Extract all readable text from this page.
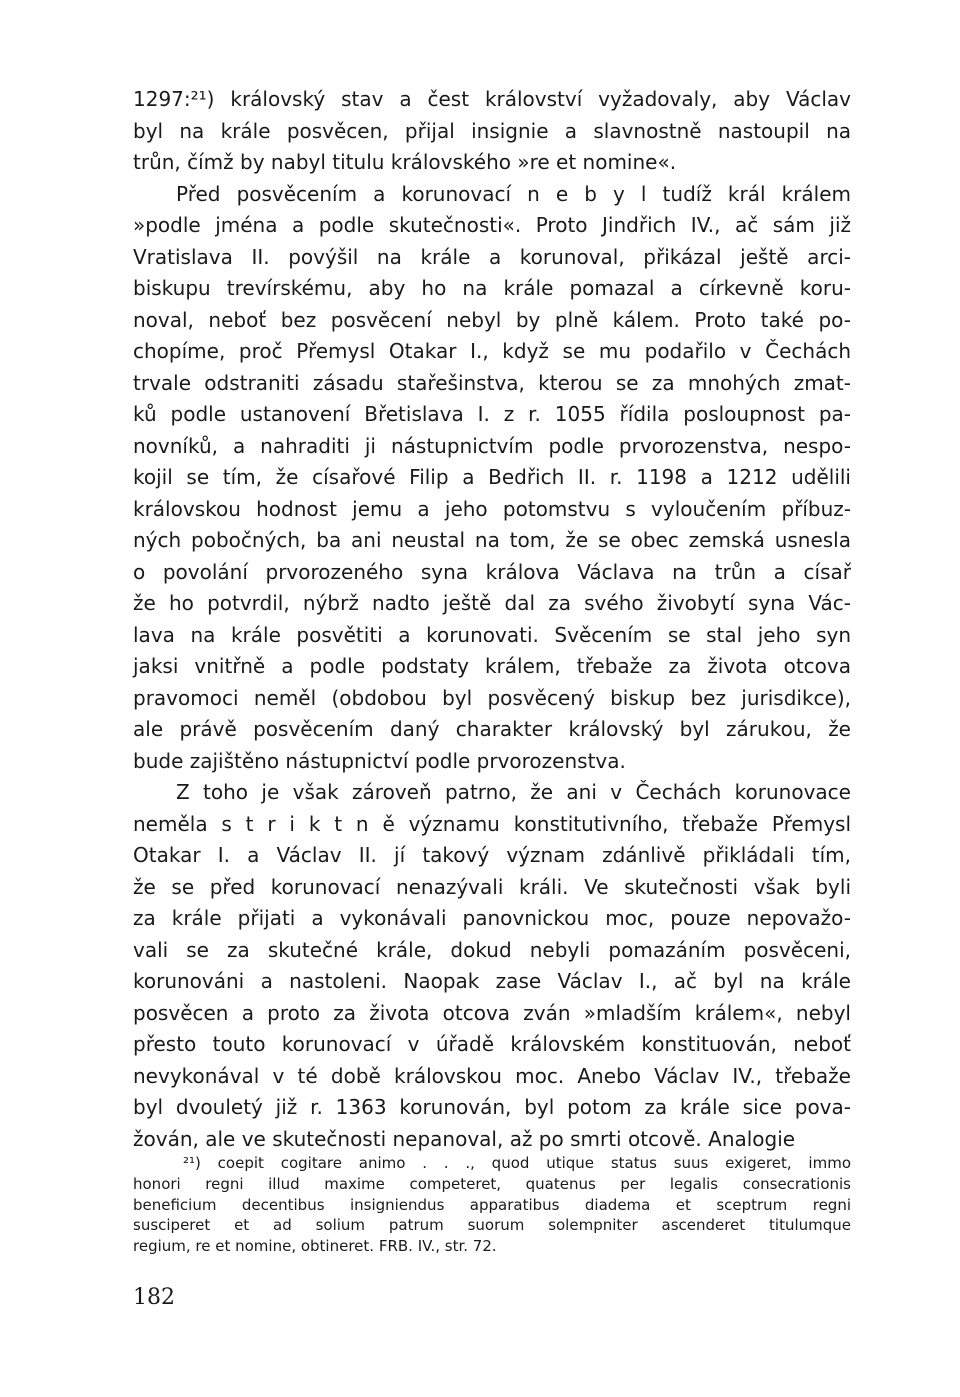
1297:²¹) královský stav a čest království vyžadovaly, aby Václav
byl na krále posvěcen, přijal insignie a slavnostně nastoupil na
trůn, čímž by nabyl titulu královského »re et nomine«.
Před posvěcením a korunovací n e b y l tudíž král králem
»podle jména a podle skutečnosti«. Proto Jindřich IV., ač sám již
Vratislava II. povýšil na krále a korunoval, přikázal ještě arci-
biskupu trevírskému, aby ho na krále pomazal a církevně koru-
noval, neboť bez posvěcení nebyl by plně kálem. Proto také po-
chopíme, proč Přemysl Otakar I., když se mu podařilo v Čechách
trvale odstraniti zásadu stařešinstva, kterou se za mnohých zmat-
ků podle ustanovení Břetislava I. z r. 1055 řídila posloupnost pa-
novníků, a nahraditi ji nástupnictvím podle prvorozenstva, nespo-
kojil se tím, že císařové Filip a Bedřich II. r. 1198 a 1212 udělili
královskou hodnost jemu a jeho potomstvu s vyloučením příbuz-
ných pobočných, ba ani neustal na tom, že se obec zemská usnesla
o povolání prvorozeného syna králova Václava na trůn a císař
že ho potvrdil, nýbrž nadto ještě dal za svého živobytí syna Vác-
lava na krále posvětiti a korunovati. Svěcením se stal jeho syn
jaksi vnitřně a podle podstaty králem, třebaže za života otcova
pravomoci neměl (obdobou byl posvěcený biskup bez jurisdikce),
ale právě posvěcením daný charakter královský byl zárukou, že
bude zajištěno nástupnictví podle prvorozenstva.
Z toho je však zároveň patrno, že ani v Čechách korunovace
neměla s t r i k t n ě významu konstitutivního, třebaže Přemysl
Otakar I. a Václav II. jí takový význam zdánlivě přikládali tím,
že se před korunovací nenazývali králi. Ve skutečnosti však byli
za krále přijati a vykonávali panovnickou moc, pouze nepovažo-
vali se za skutečné krále, dokud nebyli pomazáním posvěceni,
korunováni a nastoleni. Naopak zase Václav I., ač byl na krále
posvěcen a proto za života otcova zván »mladším králem«, nebyl
přesto touto korunovací v úřadě královském konstituován, neboť
nevykonával v té době královskou moc. Anebo Václav IV., třebaže
byl dvouletý již r. 1363 korunován, byl potom za krále sice pova-
žován, ale ve skutečnosti nepanoval, až po smrti otcově. Analogie
²¹) coepit cogitare animo . . ., quod utique status suus exigeret, immo
honori regni illud maxime competeret, quatenus per legalis consecrationis
beneficium decentibus insigniendus apparatibus diadema et sceptrum regni
susciperet et ad solium patrum suorum solempniter ascenderet titulumque
regium, re et nomine, obtineret. FRB. IV., str. 72.
182
